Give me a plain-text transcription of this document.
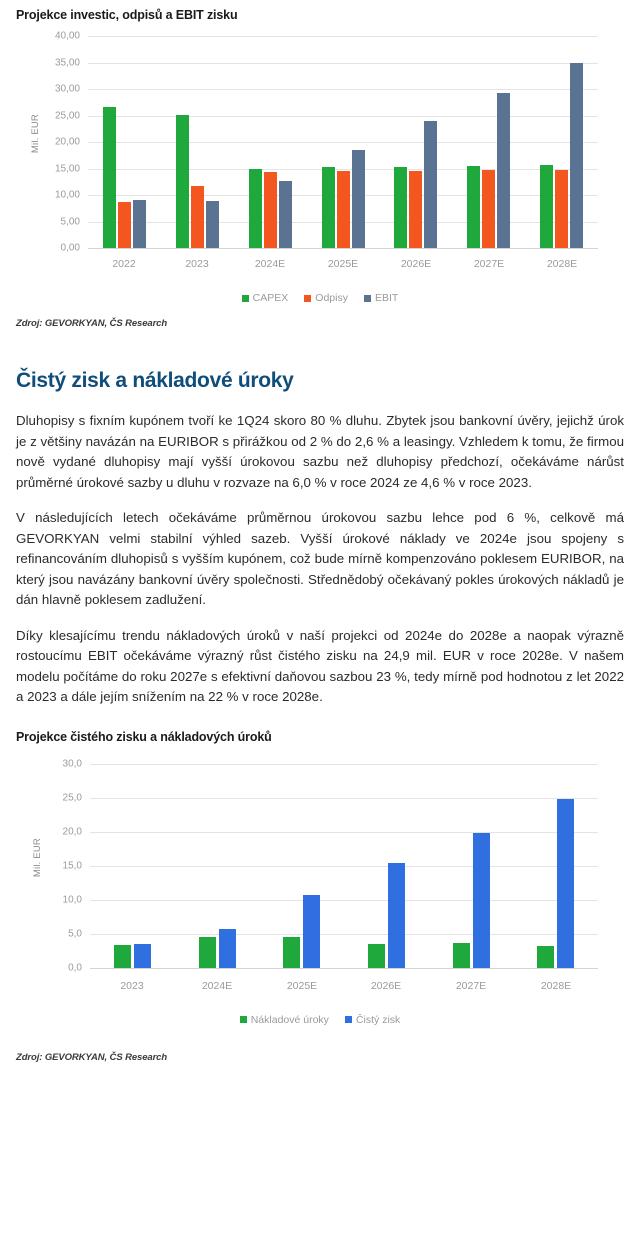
Projekce investic, odpisů a EBIT zisku
Mil. EUR
0,00
5,00
10,00
15,00
20,00
25,00
30,00
35,00
40,00
2022	2023	2024E	2025E	2026E	2027E	2028E
CAPEX	Odpisy	EBIT
Zdroj: GEVORKYAN, ČS Research
Čistý zisk a nákladové úroky

Dluhopisy s fixním kupónem tvoří ke 1Q24 skoro 80 % dluhu. Zbytek jsou bankovní úvěry, jejichž úrok je z většiny navázán na EURIBOR s přirážkou od 2 % do 2,6 % a leasingy. Vzhledem k tomu, že firmou nově vydané dluhopisy mají vyšší úrokovou sazbu než dluhopisy předchozí, očekáváme nárůst průměrné úrokové sazby u dluhu v rozvaze na 6,0 % v roce 2024 ze 4,6 % v roce 2023.

V následujících letech očekáváme průměrnou úrokovou sazbu lehce pod 6 %, celkově má GEVORKYAN velmi stabilní výhled sazeb. Vyšší úrokové náklady ve 2024e jsou spojeny s refinancováním dluhopisů s vyšším kupónem, což bude mírně kompenzováno poklesem EURIBOR, na který jsou navázány bankovní úvěry společnosti. Střednědobý očekávaný pokles úrokových nákladů je dán hlavně poklesem zadlužení.

Díky klesajícímu trendu nákladových úroků v naší projekci od 2024e do 2028e a naopak výrazně rostoucímu EBIT očekáváme výrazný růst čistého zisku na 24,9 mil. EUR v roce 2028e. V našem modelu počítáme do roku 2027e s efektivní daňovou sazbou 23 %, tedy mírně pod hodnotou z let 2022 a 2023 a dále jejím snížením na 22 % v roce 2028e.

Projekce čistého zisku a nákladových úroků
Mil. EUR
0,0
5,0
10,0
15,0
20,0
25,0
30,0
2023	2024E	2025E	2026E	2027E	2028E
Nákladové úroky	Čistý zisk
Zdroj: GEVORKYAN, ČS Research
